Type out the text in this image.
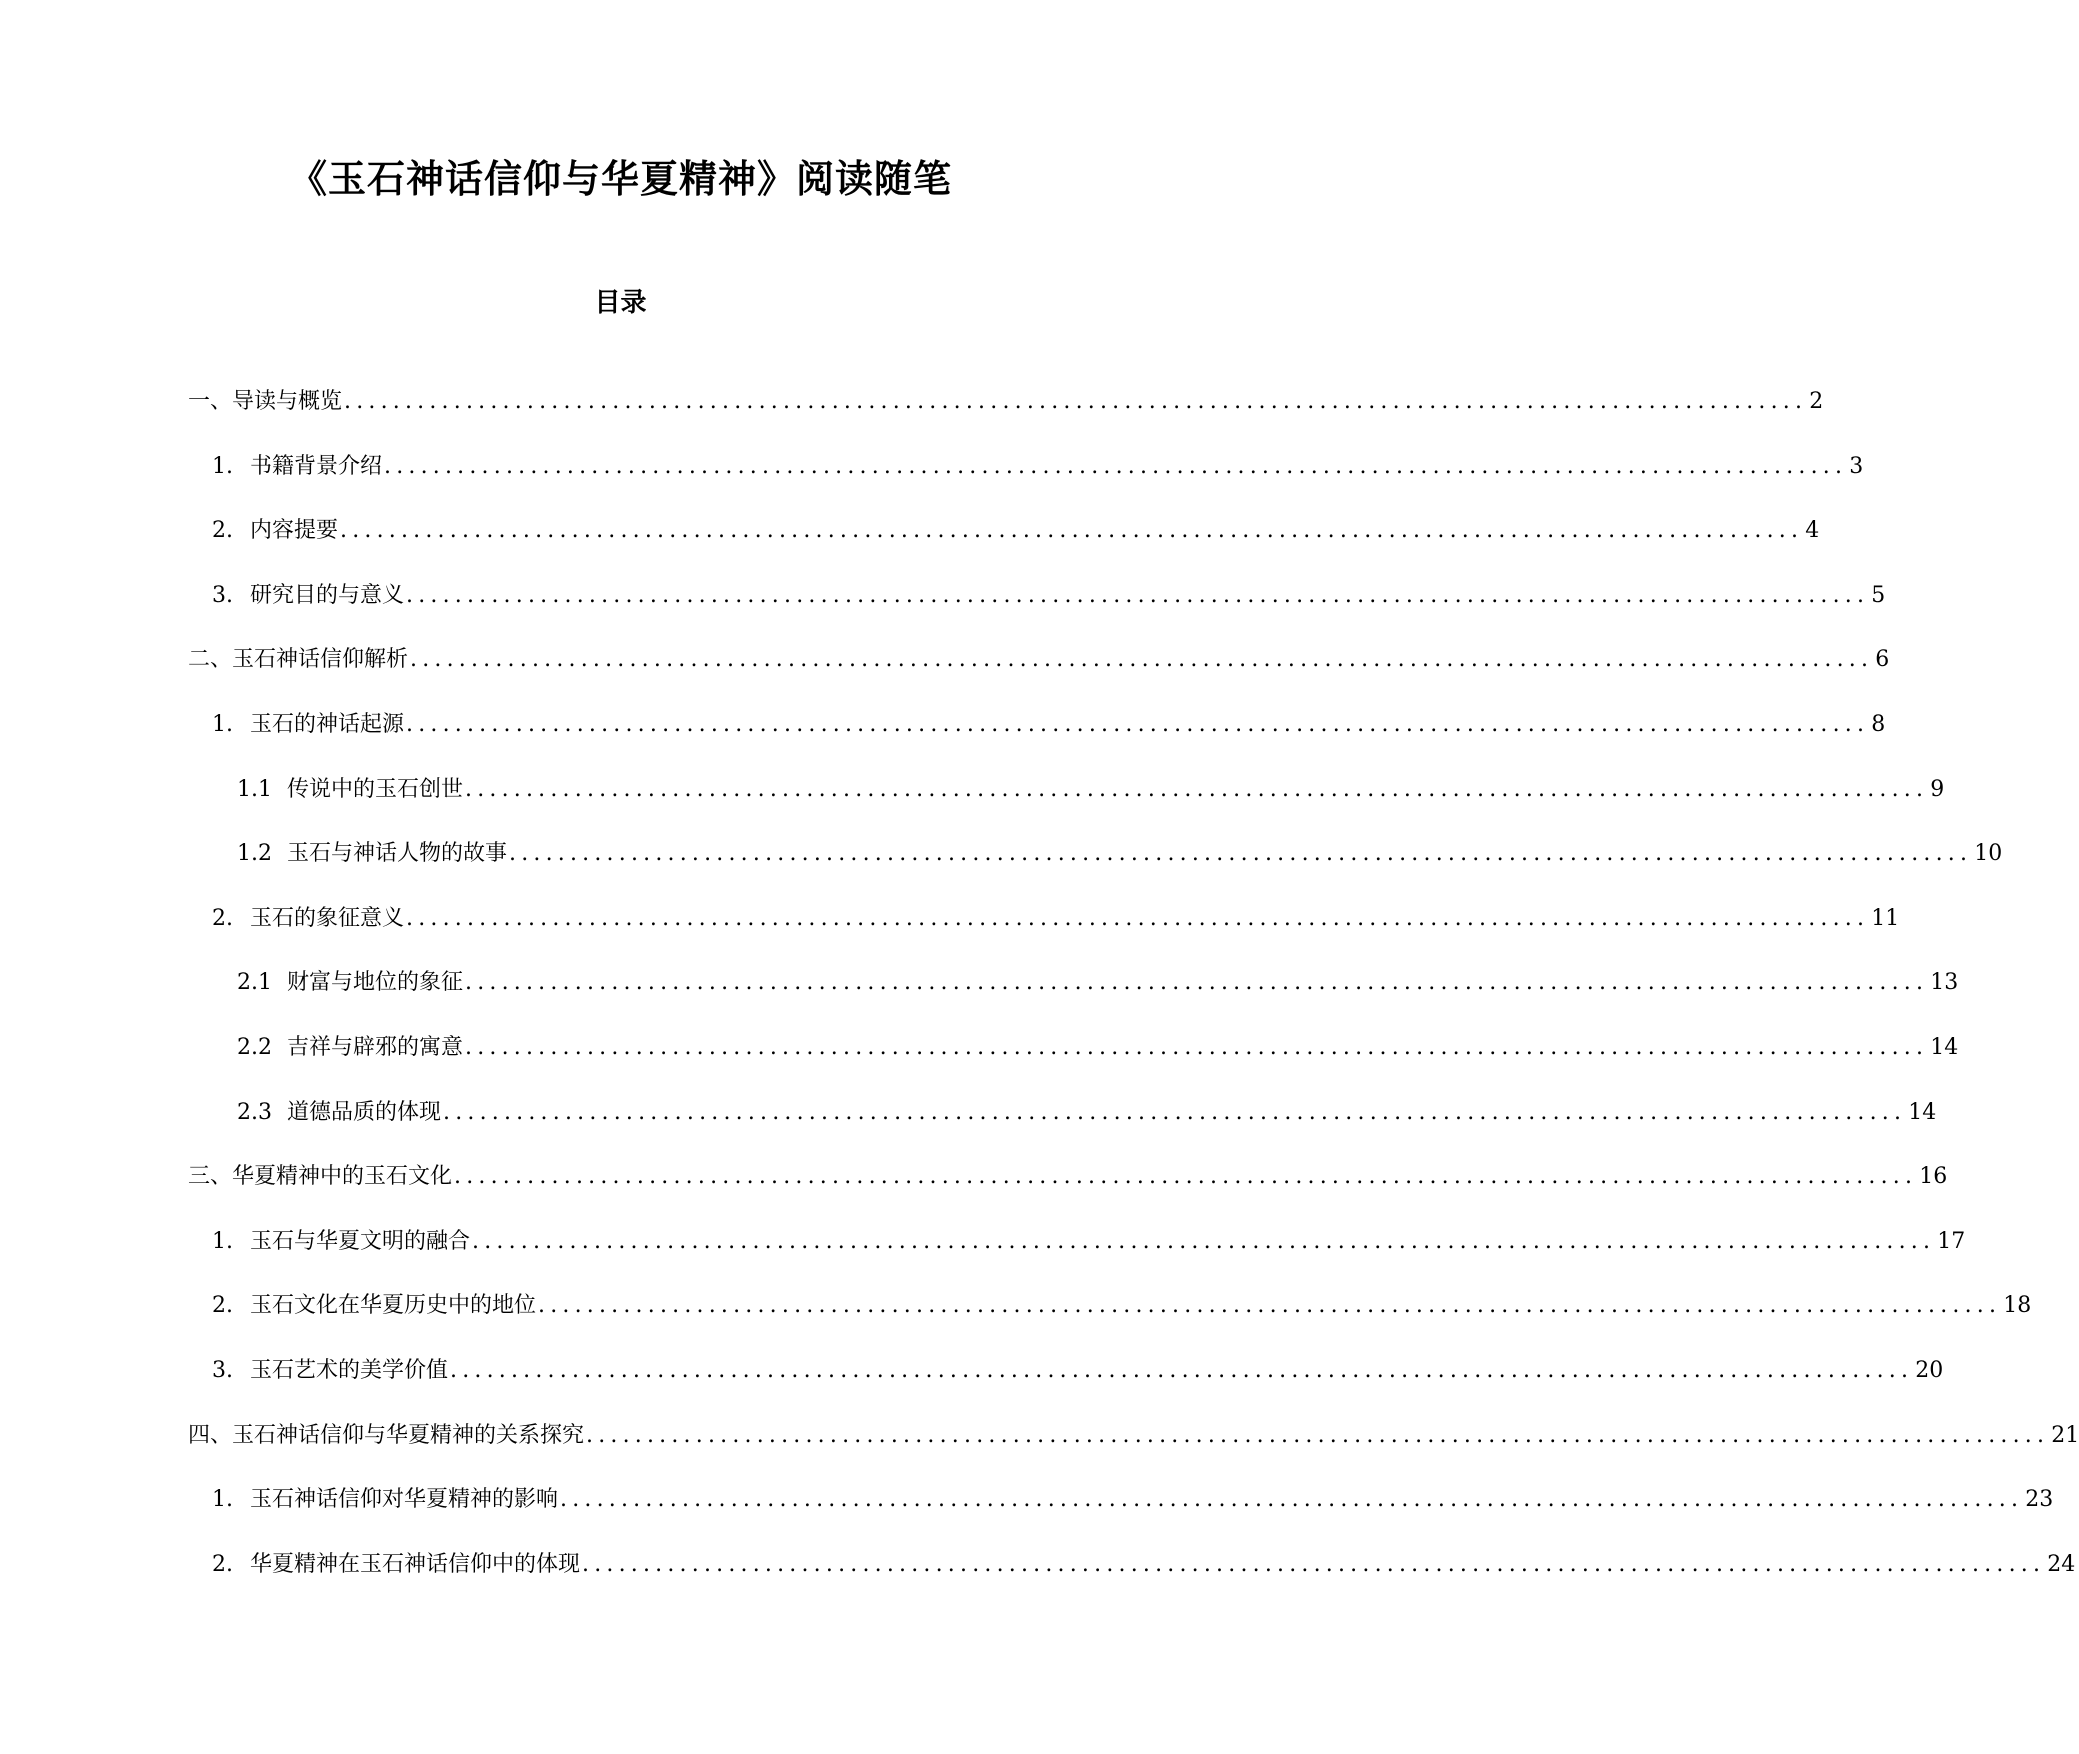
《玉石神话信仰与华夏精神》阅读随笔
目录
一、导读与概览 ........................................................................................................................ 2
1. 书籍背景介绍 ........................................................................................................................ 3
2. 内容提要 ........................................................................................................................ 4
3. 研究目的与意义 ........................................................................................................................ 5
二、玉石神话信仰解析 ........................................................................................................................ 6
1. 玉石的神话起源 ........................................................................................................................ 8
1.1 传说中的玉石创世 ........................................................................................................................ 9
1.2 玉石与神话人物的故事 ........................................................................................................................ 10
2. 玉石的象征意义 ........................................................................................................................ 11
2.1 财富与地位的象征 ........................................................................................................................ 13
2.2 吉祥与辟邪的寓意 ........................................................................................................................ 14
2.3 道德品质的体现 ........................................................................................................................ 14
三、华夏精神中的玉石文化 ........................................................................................................................ 16
1. 玉石与华夏文明的融合 ........................................................................................................................ 17
2. 玉石文化在华夏历史中的地位 ........................................................................................................................ 18
3. 玉石艺术的美学价值 ........................................................................................................................ 20
四、玉石神话信仰与华夏精神的关系探究 ........................................................................................................................ 21
1. 玉石神话信仰对华夏精神的影响 ........................................................................................................................ 23
2. 华夏精神在玉石神话信仰中的体现 ........................................................................................................................ 24
